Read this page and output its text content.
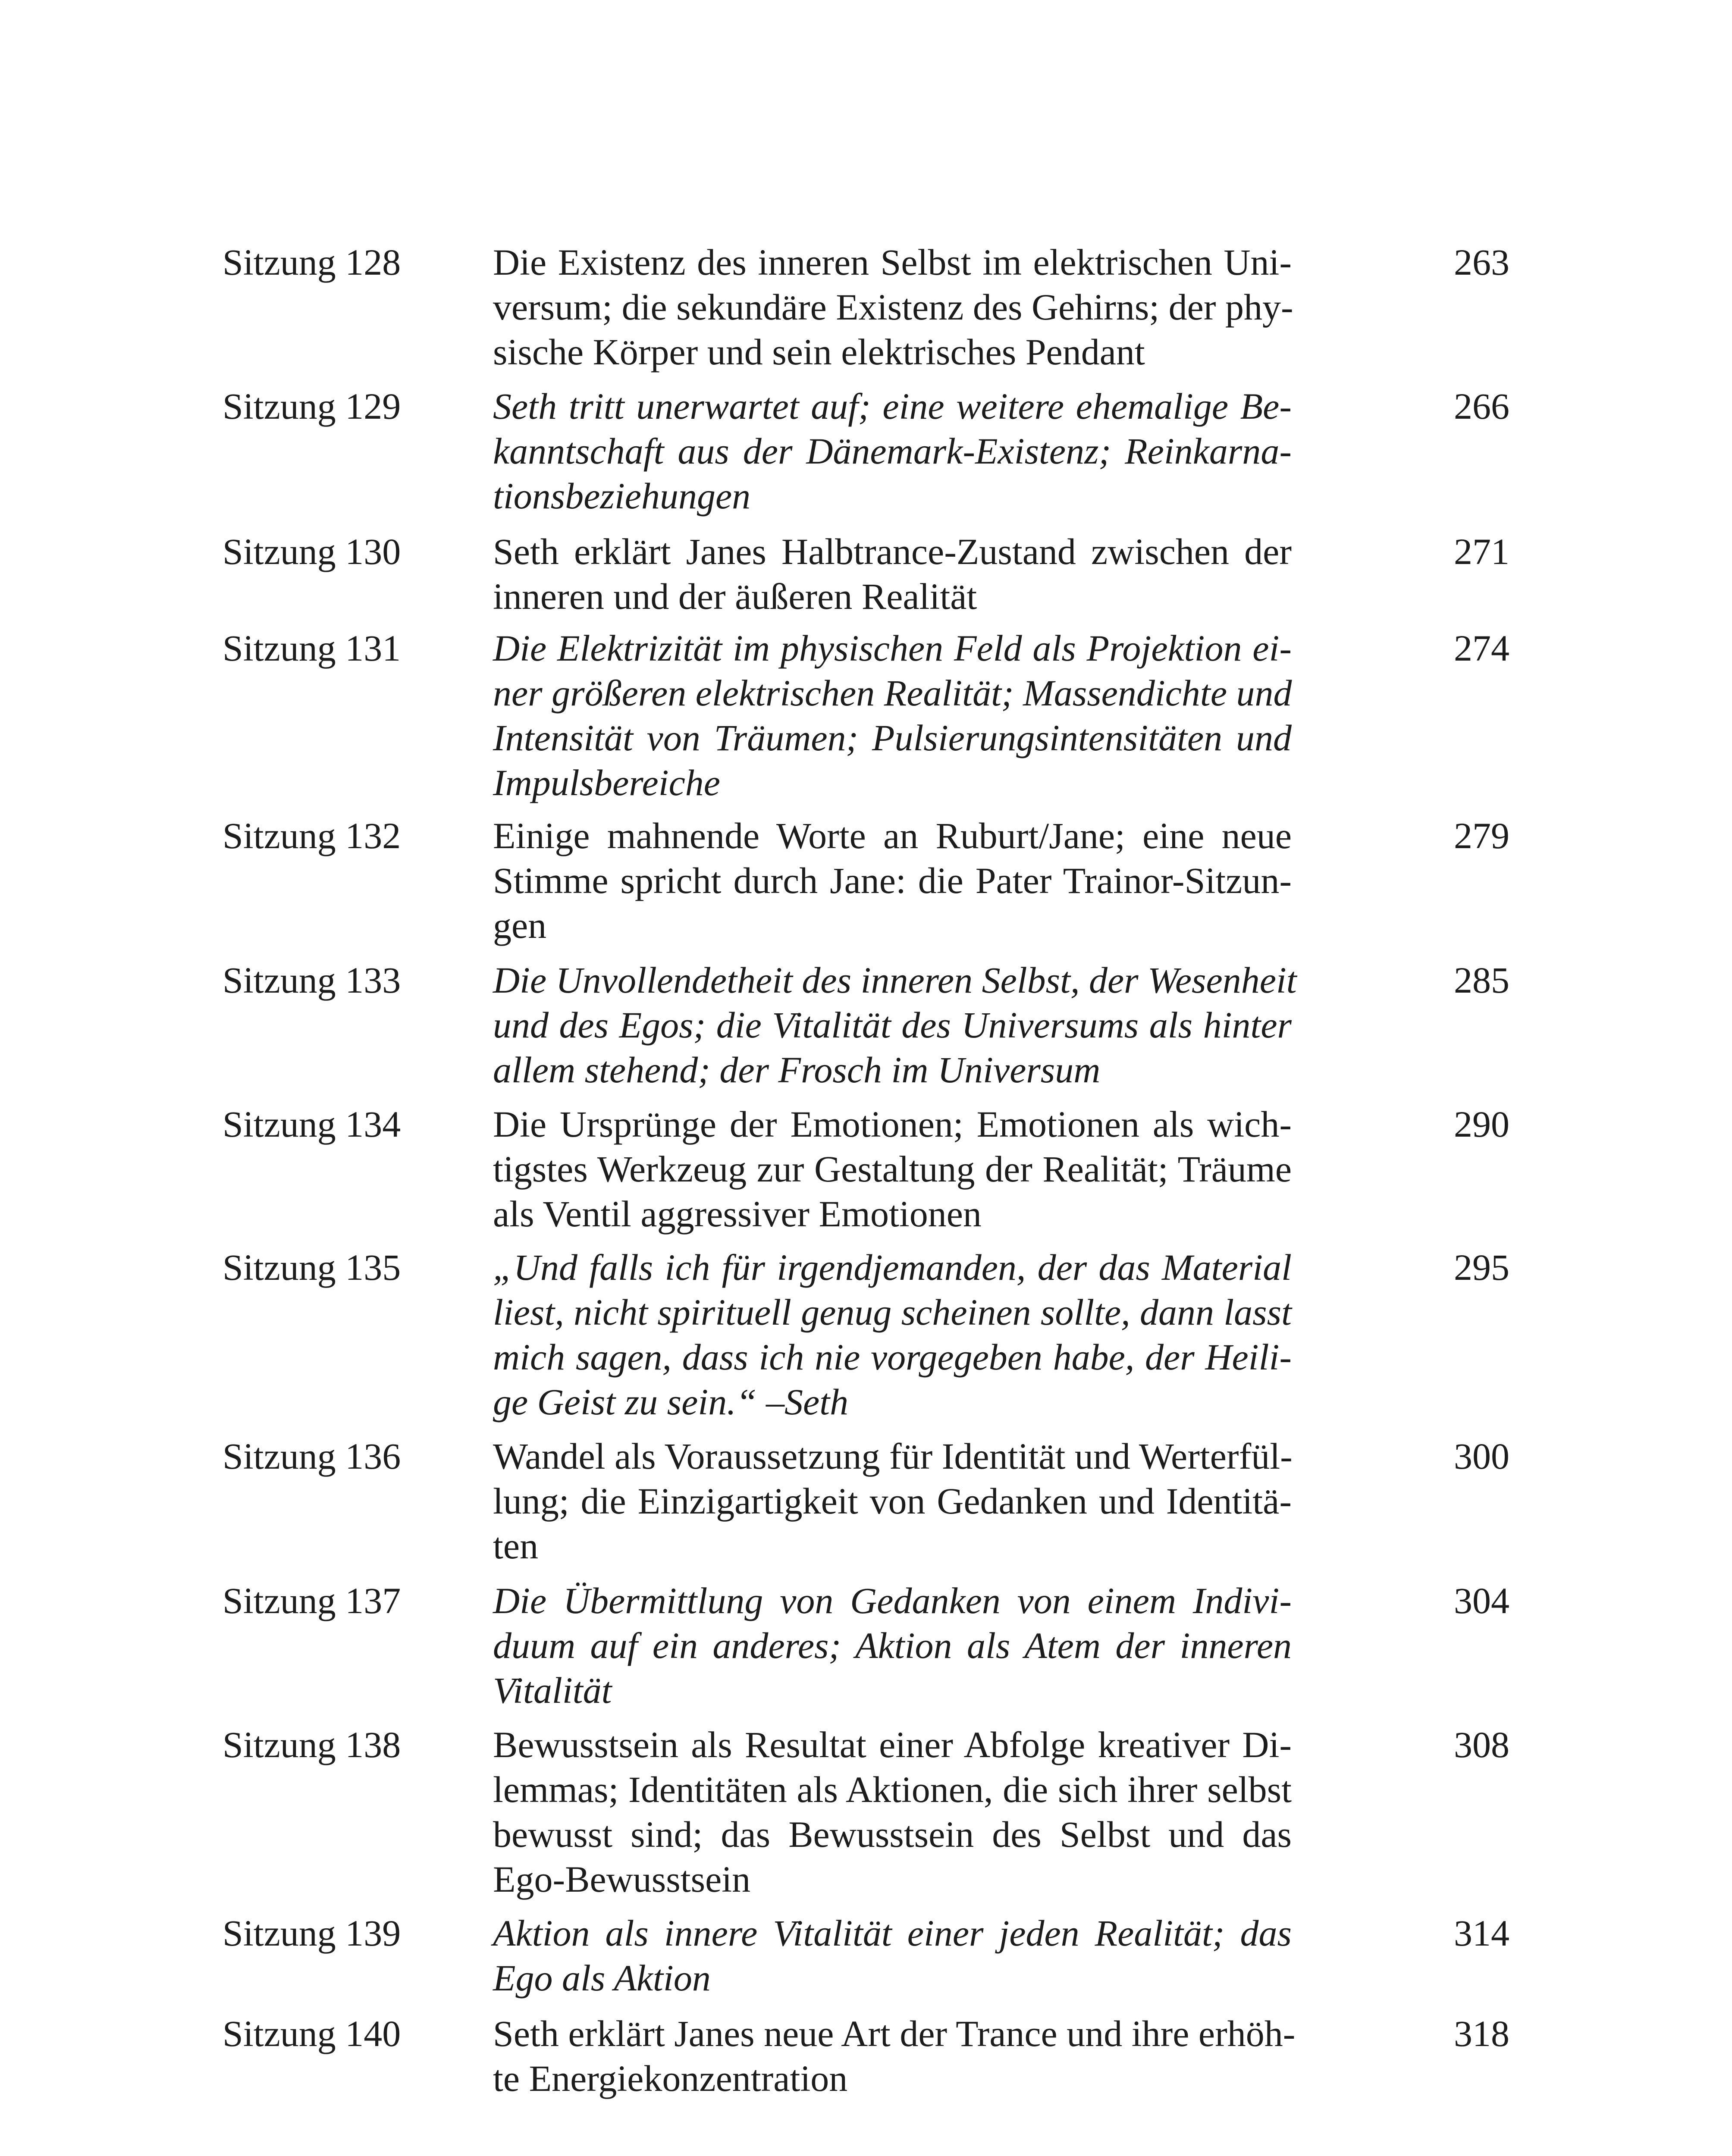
Sitzung 128 Die Existenz des inneren Selbst im elektrischen Uni-
versum; die sekundäre Existenz des Gehirns; der phy-
sische Körper und sein elektrisches Pendant
263
Sitzung 129 Seth tritt unerwartet auf; eine weitere ehemalige Be-
kanntschaft aus der Dänemark-Existenz; Reinkarna-
tionsbeziehungen
266
Sitzung 130 Seth erklärt Janes Halbtrance-Zustand zwischen der
inneren und der äußeren Realität
271
Sitzung 131 Die Elektrizität im physischen Feld als Projektion ei-
ner größeren elektrischen Realität; Massendichte und
Intensität von Träumen; Pulsierungsintensitäten und
Impulsbereiche
274
Sitzung 132 Einige mahnende Worte an Ruburt/Jane; eine neue
Stimme spricht durch Jane: die Pater Trainor-Sitzun-
gen
279
Sitzung 133 Die Unvollendetheit des inneren Selbst, der Wesenheit
und des Egos; die Vitalität des Universums als hinter
allem stehend; der Frosch im Universum
285
Sitzung 134 Die Ursprünge der Emotionen; Emotionen als wich-
tigstes Werkzeug zur Gestaltung der Realität; Träume
als Ventil aggressiver Emotionen
290
Sitzung 135 „Und falls ich für irgendjemanden, der das Material
liest, nicht spirituell genug scheinen sollte, dann lasst
mich sagen, dass ich nie vorgegeben habe, der Heili-
ge Geist zu sein.“ –Seth
295
Sitzung 136 Wandel als Voraussetzung für Identität und Werterfül-
lung; die Einzigartigkeit von Gedanken und Identitä-
ten
300
Sitzung 137 Die Übermittlung von Gedanken von einem Indivi-
duum auf ein anderes; Aktion als Atem der inneren
Vitalität
304
Sitzung 138 Bewusstsein als Resultat einer Abfolge kreativer Di-
lemmas; Identitäten als Aktionen, die sich ihrer selbst
bewusst sind; das Bewusstsein des Selbst und das
Ego-Bewusstsein
308
Sitzung 139 Aktion als innere Vitalität einer jeden Realität; das
Ego als Aktion
314
Sitzung 140 Seth erklärt Janes neue Art der Trance und ihre erhöh-
te Energiekonzentration
318
